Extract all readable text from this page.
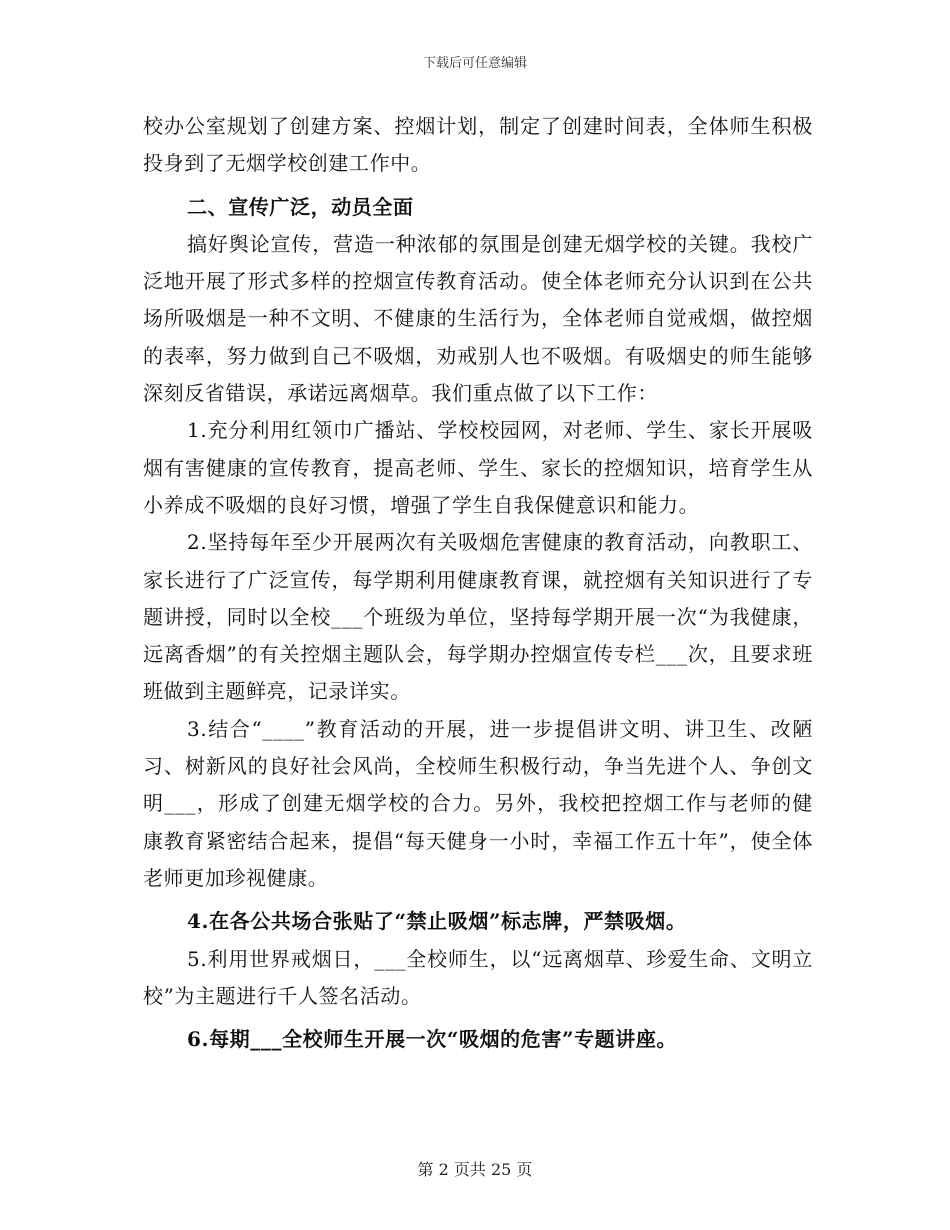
下载后可任意编辑

校办公室规划了创建方案、控烟计划，制定了创建时间表，全体师生积极投身到了无烟学校创建工作中。

二、宣传广泛，动员全面

搞好舆论宣传，营造一种浓郁的氛围是创建无烟学校的关键。我校广泛地开展了形式多样的控烟宣传教育活动。使全体老师充分认识到在公共场所吸烟是一种不文明、不健康的生活行为，全体老师自觉戒烟，做控烟的表率，努力做到自己不吸烟，劝戒别人也不吸烟。有吸烟史的师生能够深刻反省错误，承诺远离烟草。我们重点做了以下工作：

1.充分利用红领巾广播站、学校校园网，对老师、学生、家长开展吸烟有害健康的宣传教育，提高老师、学生、家长的控烟知识，培育学生从小养成不吸烟的良好习惯，增强了学生自我保健意识和能力。

2.坚持每年至少开展两次有关吸烟危害健康的教育活动，向教职工、家长进行了广泛宣传，每学期利用健康教育课，就控烟有关知识进行了专题讲授，同时以全校___个班级为单位，坚持每学期开展一次“为我健康，远离香烟”的有关控烟主题队会，每学期办控烟宣传专栏___次，且要求班班做到主题鲜亮，记录详实。

3.结合“____”教育活动的开展，进一步提倡讲文明、讲卫生、改陋习、树新风的良好社会风尚，全校师生积极行动，争当先进个人、争创文明___，形成了创建无烟学校的合力。另外，我校把控烟工作与老师的健康教育紧密结合起来，提倡“每天健身一小时，幸福工作五十年”，使全体老师更加珍视健康。

4.在各公共场合张贴了“禁止吸烟”标志牌，严禁吸烟。

5.利用世界戒烟日，___全校师生，以“远离烟草、珍爱生命、文明立校”为主题进行千人签名活动。

6.每期___全校师生开展一次“吸烟的危害”专题讲座。

第 2 页共 25 页
